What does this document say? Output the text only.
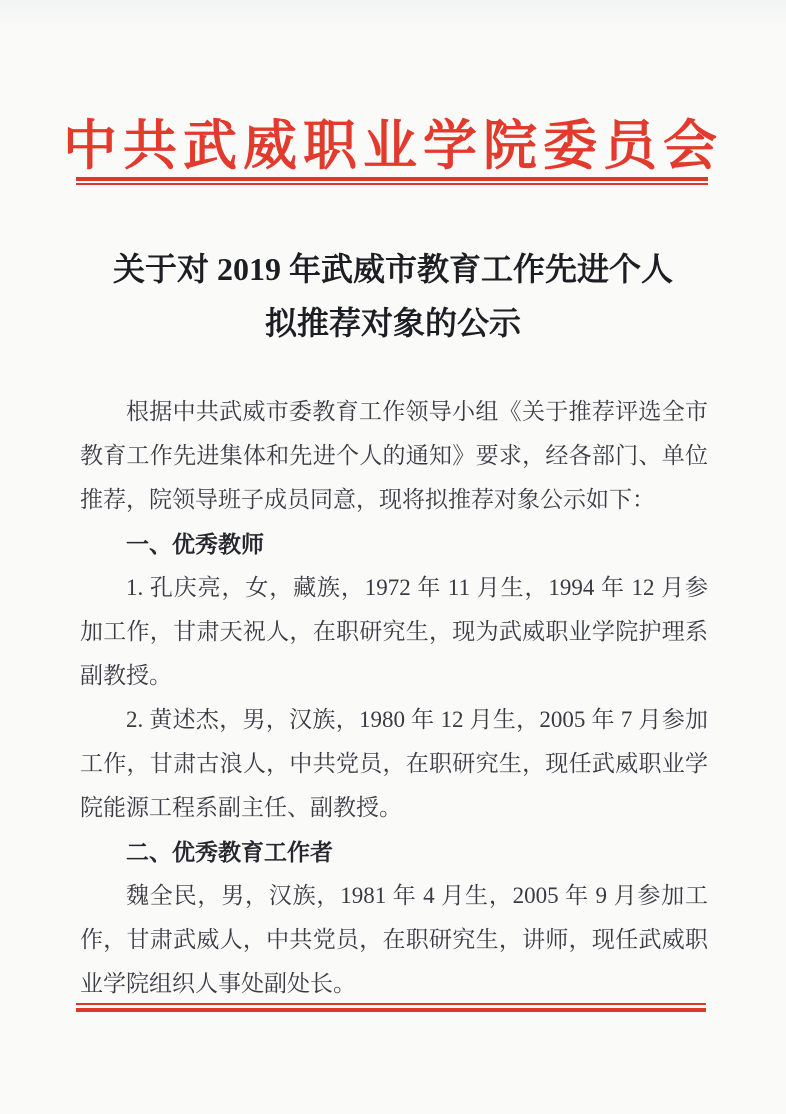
中共武威职业学院委员会
关于对 2019 年武威市教育工作先进个人
拟推荐对象的公示

根据中共武威市委教育工作领导小组《关于推荐评选全市教育工作先进集体和先进个人的通知》要求，经各部门、单位推荐，院领导班子成员同意，现将拟推荐对象公示如下：

一、优秀教师

1. 孔庆亮，女，藏族，1972 年 11 月生，1994 年 12 月参加工作，甘肃天祝人，在职研究生，现为武威职业学院护理系副教授。

2. 黄述杰，男，汉族，1980 年 12 月生，2005 年 7 月参加工作，甘肃古浪人，中共党员，在职研究生，现任武威职业学院能源工程系副主任、副教授。

二、优秀教育工作者

魏全民，男，汉族，1981 年 4 月生，2005 年 9 月参加工作，甘肃武威人，中共党员，在职研究生，讲师，现任武威职业学院组织人事处副处长。
